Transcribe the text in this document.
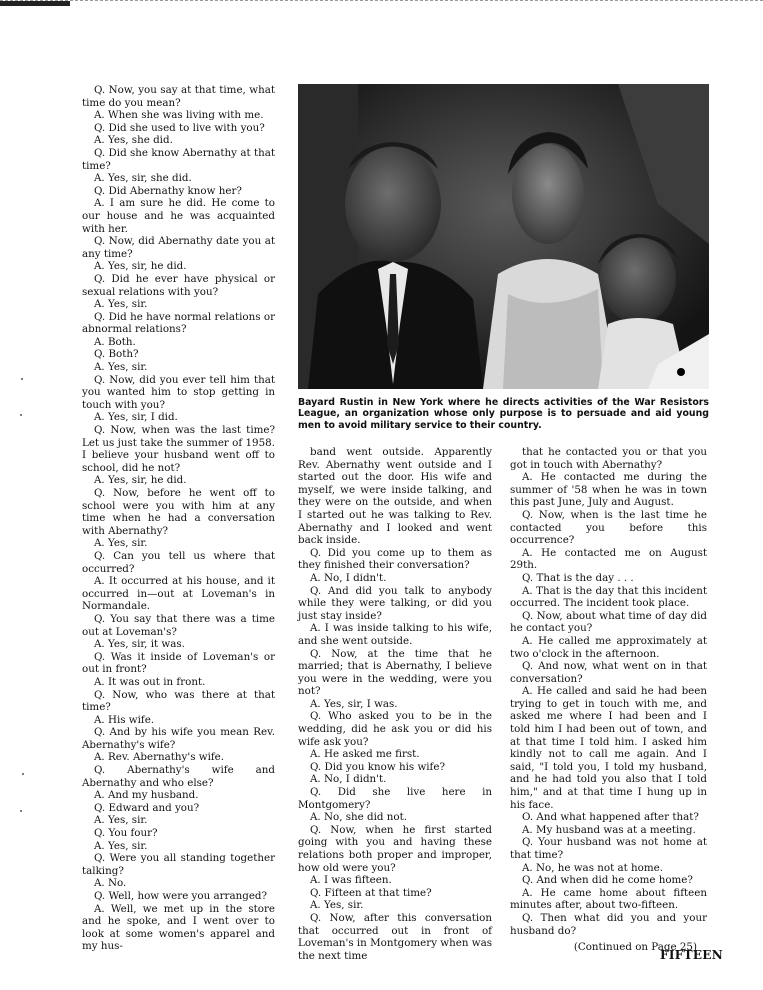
Q. Now, you say at that time, what time do you mean?

A. When she was living with me.

Q. Did she used to live with you?

A. Yes, she did.

Q. Did she know Abernathy at that time?

A. Yes, sir, she did.

Q. Did Abernathy know her?

A. I am sure he did. He come to our house and he was acquainted with her.

Q. Now, did Abernathy date you at any time?

A. Yes, sir, he did.

Q. Did he ever have physical or sexual relations with you?

A. Yes, sir.

Q. Did he have normal relations or abnormal relations?

A. Both.

Q. Both?

A. Yes, sir.

Q. Now, did you ever tell him that you wanted him to stop getting in touch with you?

A. Yes, sir, I did.

Q. Now, when was the last time? Let us just take the summer of 1958. I believe your husband went off to school, did he not?

A. Yes, sir, he did.

Q. Now, before he went off to school were you with him at any time when he had a conversation with Abernathy?

A. Yes, sir.

Q. Can you tell us where that occurred?

A. It occurred at his house, and it occurred in—out at Loveman's in Normandale.

Q. You say that there was a time out at Loveman's?

A. Yes, sir, it was.

Q. Was it inside of Loveman's or out in front?

A. It was out in front.

Q. Now, who was there at that time?

A. His wife.

Q. And by his wife you mean Rev. Abernathy's wife?

A. Rev. Abernathy's wife.

Q. Abernathy's wife and Abernathy and who else?

A. And my husband.

Q. Edward and you?

A. Yes, sir.

Q. You four?

A. Yes, sir.

Q. Were you all standing together talking?

A. No.

Q. Well, how were you arranged?

A. Well, we met up in the store and he spoke, and I went over to look at some women's apparel and my hus-

Bayard Rustin in New York where he directs activities of the War Resistors League, an organization whose only purpose is to persuade and aid young men to avoid military service to their country.

band went outside. Apparently Rev. Abernathy went outside and I started out the door. His wife and myself, we were inside talking, and they were on the outside, and when I started out he was talking to Rev. Abernathy and I looked and went back inside.

Q. Did you come up to them as they finished their conversation?

A. No, I didn't.

Q. And did you talk to anybody while they were talking, or did you just stay inside?

A. I was inside talking to his wife, and she went outside.

Q. Now, at the time that he married; that is Abernathy, I believe you were in the wedding, were you not?

A. Yes, sir, I was.

Q. Who asked you to be in the wedding, did he ask you or did his wife ask you?

A. He asked me first.

Q. Did you know his wife?

A. No, I didn't.

Q. Did she live here in Montgomery?

A. No, she did not.

Q. Now, when he first started going with you and having these relations both proper and improper, how old were you?

A. I was fifteen.

Q. Fifteen at that time?

A. Yes, sir.

Q. Now, after this conversation that occurred out in front of Loveman's in Montgomery when was the next time

that he contacted you or that you got in touch with Abernathy?

A. He contacted me during the summer of '58 when he was in town this past June, July and August.

Q. Now, when is the last time he contacted you before this occurrence?

A. He contacted me on August 29th.

Q. That is the day . . .

A. That is the day that this incident occurred. The incident took place.

Q. Now, about what time of day did he contact you?

A. He called me approximately at two o'clock in the afternoon.

Q. And now, what went on in that conversation?

A. He called and said he had been trying to get in touch with me, and asked me where I had been and I told him I had been out of town, and at that time I told him. I asked him kindly not to call me again. And I said, "I told you, I told my husband, and he had told you also that I told him," and at that time I hung up in his face.

O. And what happened after that?

A. My husband was at a meeting.

Q. Your husband was not home at that time?

A. No, he was not at home.

Q. And when did he come home?

A. He came home about fifteen minutes after, about two-fifteen.

Q. Then what did you and your husband do?

(Continued on Page 25)

FIFTEEN
